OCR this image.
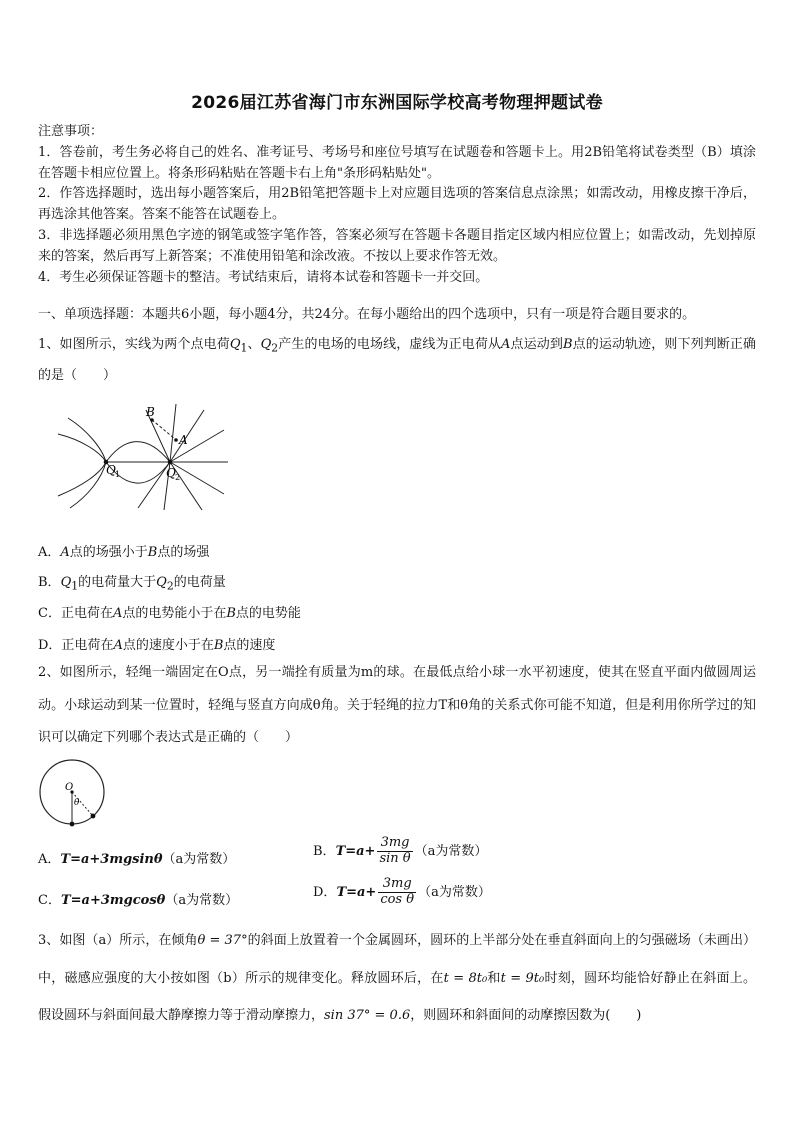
2026届江苏省海门市东洲国际学校高考物理押题试卷
注意事项：
1．答卷前，考生务必将自己的姓名、准考证号、考场号和座位号填写在试题卷和答题卡上。用2B铅笔将试卷类型（B）填涂在答题卡相应位置上。将条形码粘贴在答题卡右上角"条形码粘贴处"。
2．作答选择题时，选出每小题答案后，用2B铅笔把答题卡上对应题目选项的答案信息点涂黑；如需改动，用橡皮擦干净后，再选涂其他答案。答案不能答在试题卷上。
3．非选择题必须用黑色字迹的钢笔或签字笔作答，答案必须写在答题卡各题目指定区域内相应位置上；如需改动，先划掉原来的答案，然后再写上新答案；不准使用铅笔和涂改液。不按以上要求作答无效。
4．考生必须保证答题卡的整洁。考试结束后，请将本试卷和答题卡一并交回。
一、单项选择题：本题共6小题，每小题4分，共24分。在每小题给出的四个选项中，只有一项是符合题目要求的。
1、如图所示，实线为两个点电荷$Q_1$、$Q_2$产生的电场的电场线，虚线为正电荷从A点运动到B点的运动轨迹，则下列判断正确的是（　　）
B
A
Q 1	Q 2
A．A点的场强小于B点的场强
B．$Q_1$的电荷量大于$Q_2$的电荷量
C．正电荷在A点的电势能小于在B点的电势能
D．正电荷在A点的速度小于在B点的速度
2、如图所示，轻绳一端固定在O点，另一端拴有质量为m的球。在最低点给小球一水平初速度，使其在竖直平面内做圆周运动。小球运动到某一位置时，轻绳与竖直方向成θ角。关于轻绳的拉力T和θ角的关系式你可能不知道，但是利用你所学过的知识可以确定下列哪个表达式是正确的（　　）
O
θ
A．T=a+3mgsinθ（a为常数）
B．$T=a+ \frac{3mg}{\text{sin θ}} (a$为常数）
C．T=a+3mgcosθ（a为常数）
D．$T=a+ \frac{3mg}{\text{cos θ}} (a$为常数）
3、如图（a）所示，在倾角θ = 37°的斜面上放置着一个金属圆环，圆环的上半部分处在垂直斜面向上的匀强磁场（未画出）中，磁感应强度的大小按如图（b）所示的规律变化。释放圆环后，在t = 8t₀和t = 9t₀时刻，圆环均能恰好静止在斜面上。假设圆环与斜面间最大静摩擦力等于滑动摩擦力，sin 37° = 0.6，则圆环和斜面间的动摩擦因数为(　　)
